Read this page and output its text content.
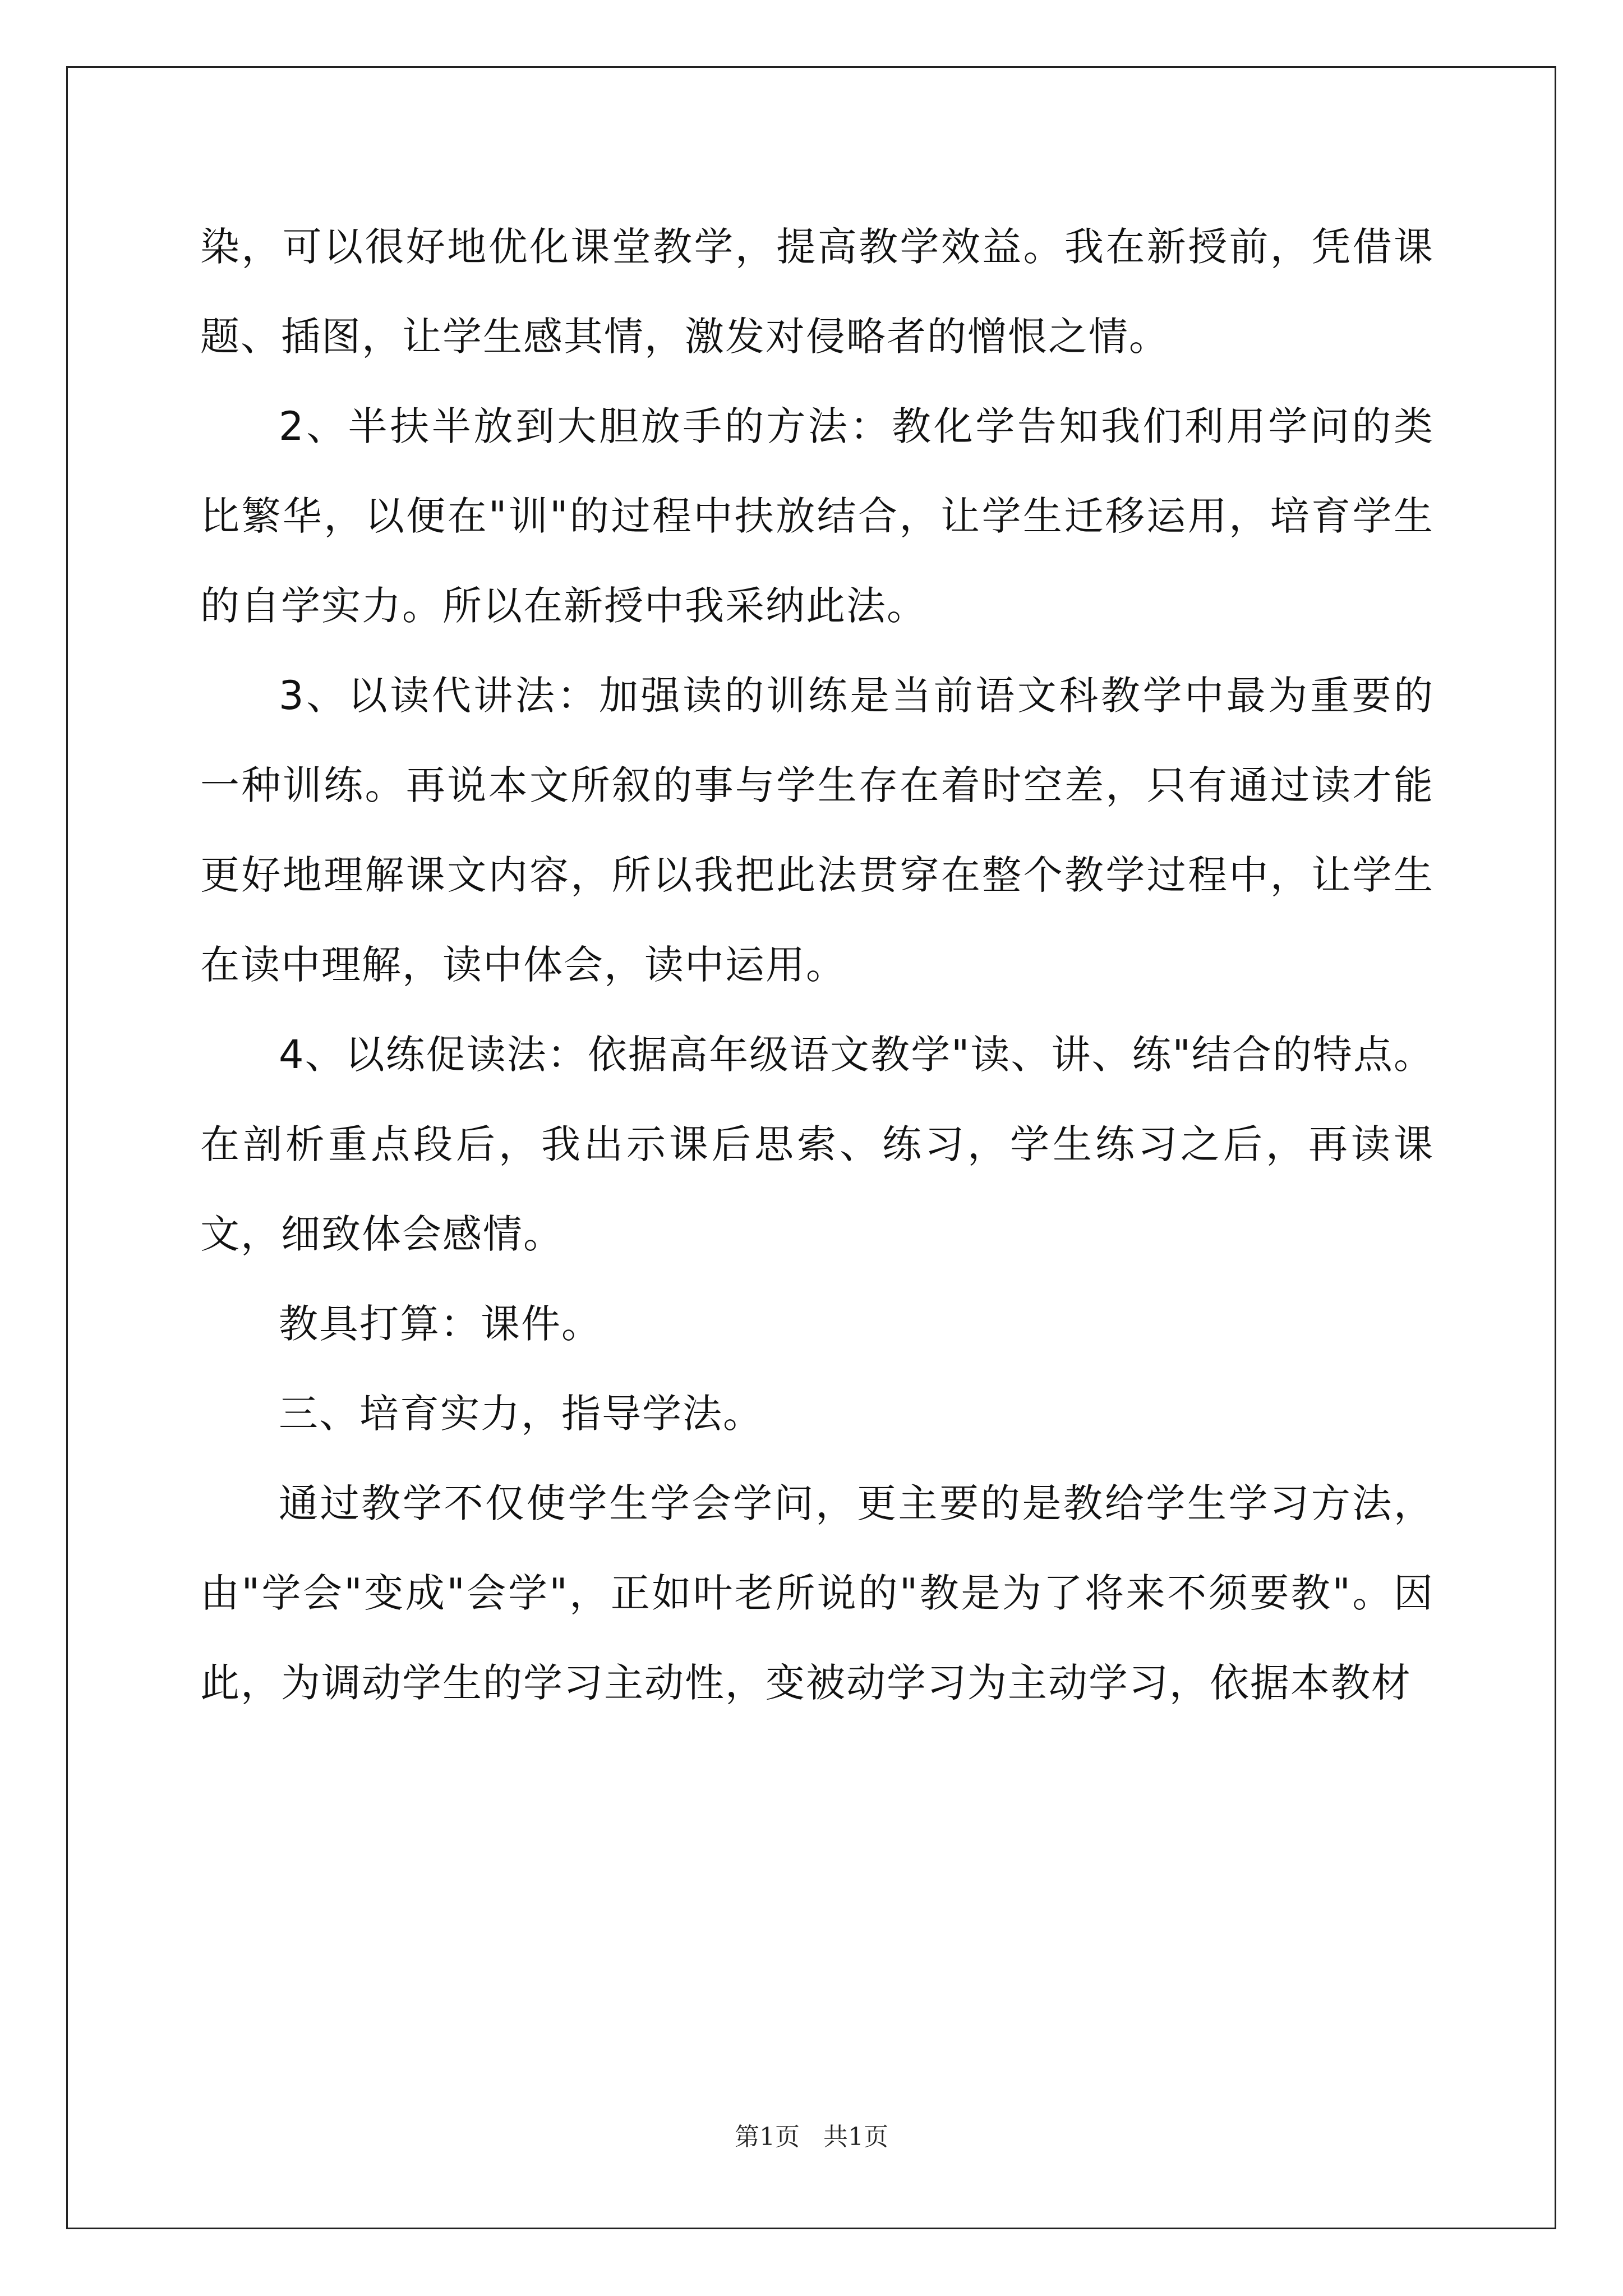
染，可以很好地优化课堂教学，提高教学效益。我在新授前，凭借课题、插图，让学生感其情，激发对侵略者的憎恨之情。

2、半扶半放到大胆放手的方法：教化学告知我们利用学问的类比繁华，以便在"训"的过程中扶放结合，让学生迁移运用，培育学生的自学实力。所以在新授中我采纳此法。

3、以读代讲法：加强读的训练是当前语文科教学中最为重要的一种训练。再说本文所叙的事与学生存在着时空差，只有通过读才能更好地理解课文内容，所以我把此法贯穿在整个教学过程中，让学生在读中理解，读中体会，读中运用。

4、以练促读法：依据高年级语文教学"读、讲、练"结合的特点。在剖析重点段后，我出示课后思索、练习，学生练习之后，再读课文，细致体会感情。

教具打算：课件。

三、培育实力，指导学法。

通过教学不仅使学生学会学问，更主要的是教给学生学习方法，由"学会"变成"会学"，正如叶老所说的"教是为了将来不须要教"。因此，为调动学生的学习主动性，变被动学习为主动学习，依据本教材

第1页 共1页
